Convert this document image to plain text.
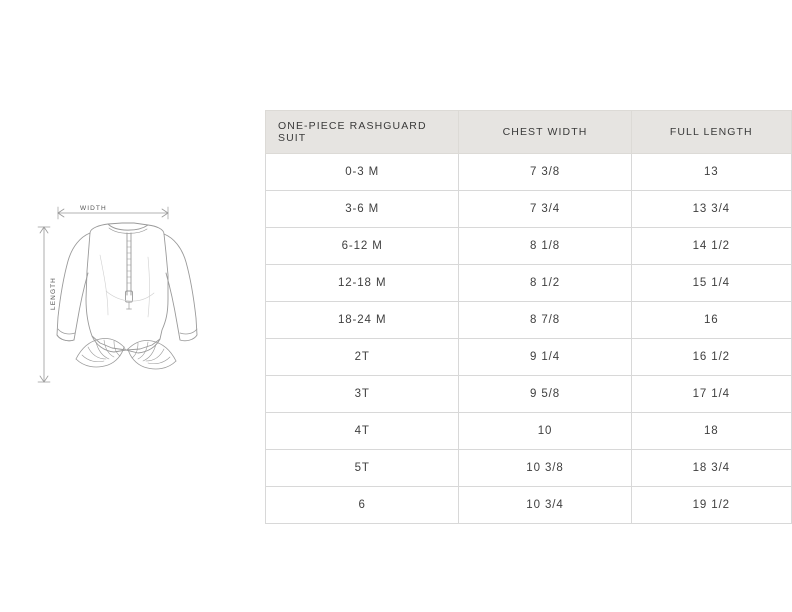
WIDTH
LENGTH
ONE-PIECE RASHGUARD SUIT	CHEST WIDTH	FULL LENGTH
0-3 M	7 3/8	13
3-6 M	7 3/4	13 3/4
6-12 M	8 1/8	14 1/2
12-18 M	8 1/2	15 1/4
18-24 M	8 7/8	16
2T	9 1/4	16 1/2
3T	9 5/8	17 1/4
4T	10	18
5T	10 3/8	18 3/4
6	10 3/4	19 1/2
